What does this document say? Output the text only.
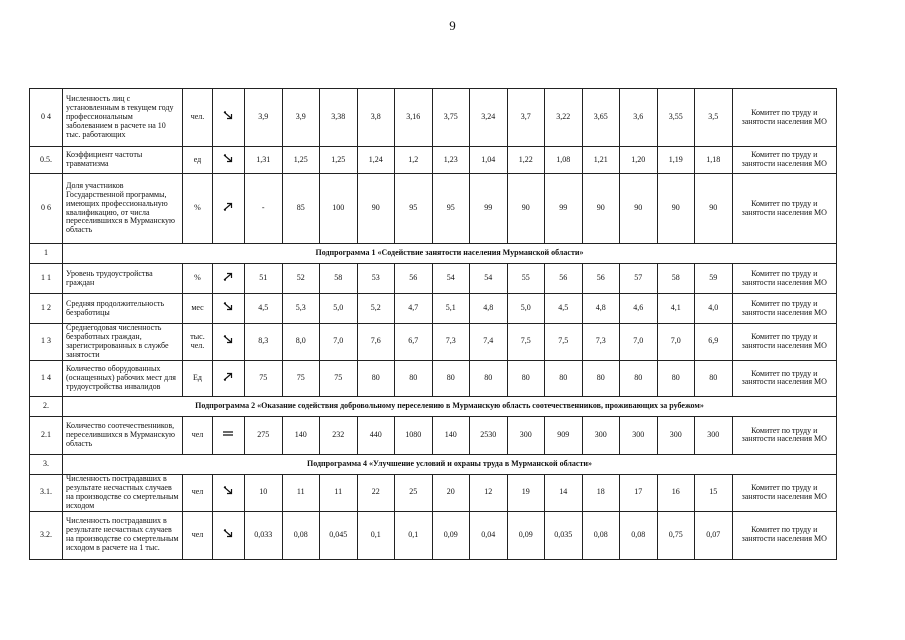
9
0 4	Численность лиц с установленным в текущем году профессиональным заболеванием в расчете на 10 тыс. работающих	чел.		3,9	3,9	3,38	3,8	3,16	3,75	3,24	3,7	3,22	3,65	3,6	3,55	3,5	Комитет по труду и занятости населения МО
0.5.	Коэффициент частоты травматизма	ед		1,31	1,25	1,25	1,24	1,2	1,23	1,04	1,22	1,08	1,21	1,20	1,19	1,18	Комитет по труду и занятости населения МО
0 6	Доля участников Государственной программы, имеющих профессиональную квалификацию, от числа переселившихся в Мурманскую область	%		-	85	100	90	95	95	99	90	99	90	90	90	90	Комитет по труду и занятости населения МО
1	Подпрограмма 1 «Содействие занятости населения Мурманской области»																
1 1	Уровень трудоустройства граждан	%		51	52	58	53	56	54	54	55	56	56	57	58	59	Комитет по труду и занятости населения МО
1 2	Средняя продолжительность безработицы	мес		4,5	5,3	5,0	5,2	4,7	5,1	4,8	5,0	4,5	4,8	4,6	4,1	4,0	Комитет по труду и занятости населения МО
1 3	Среднегодовая численность безработных граждан, зарегистрированных в службе занятости	тыс. чел.		8,3	8,0	7,0	7,6	6,7	7,3	7,4	7,5	7,5	7,3	7,0	7,0	6,9	Комитет по труду и занятости населения МО
1 4	Количество оборудованных (оснащенных) рабочих мест для трудоустройства инвалидов	Ед		75	75	75	80	80	80	80	80	80	80	80	80	80	Комитет по труду и занятости населения МО
2.	Подпрограмма 2 «Оказание содействия добровольному переселению в Мурманскую область соотечественников, проживающих за рубежом»																
2.1	Количество соотечественников, переселившихся в Мурманскую область	чел		275	140	232	440	1080	140	2530	300	909	300	300	300	300	Комитет по труду и занятости населения МО
3.	Подпрограмма 4 «Улучшение условий и охраны труда в Мурманской области»																
3.1.	Численность пострадавших в результате несчастных случаев на производстве со смертельным исходом	чел		10	11	11	22	25	20	12	19	14	18	17	16	15	Комитет по труду и занятости населения МО
3.2.	Численность пострадавших в результате несчастных случаев на производстве со смертельным исходом в расчете на 1 тыс.	чел		0,033	0,08	0,045	0,1	0,1	0,09	0,04	0,09	0,035	0,08	0,08	0,75	0,07	Комитет по труду и занятости населения МО
